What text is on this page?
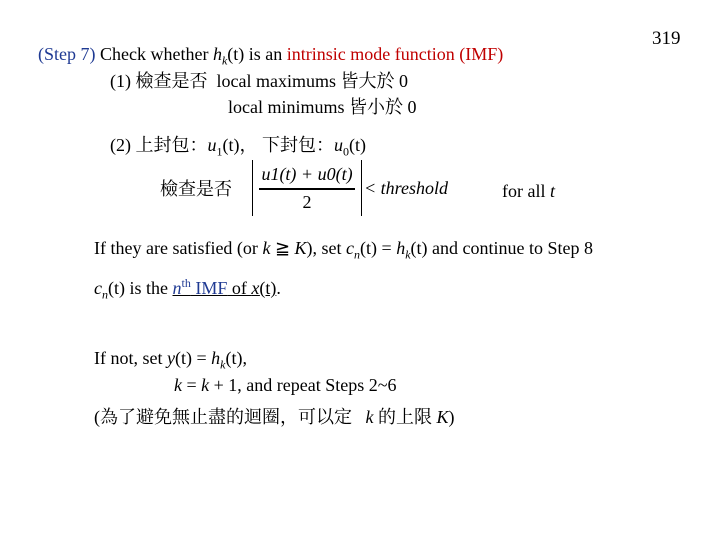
319
(Step 7) Check whether $h_k(t)$ is an intrinsic mode function (IMF)
(1) 檢查是否 local maximums 皆大於 0
local minimums 皆小於 0
(2) 上封包：$u_1(t)$， 下封包：$u_0(t)$
檢查是否
u1(t) + u0(t)
2
< threshold	for all t
If they are satisfied (or k ≧ K), set $c_n(t) = h_k(t)$ and continue to Step 8
$c_n(t)$ is the $n^{th}$ IMF of x(t).
If not, set $y(t) = h_k(t)$,
k = k + 1, and repeat Steps 2~6
(為了避免無止盡的迴圈，可以定 k 的上限 K)
